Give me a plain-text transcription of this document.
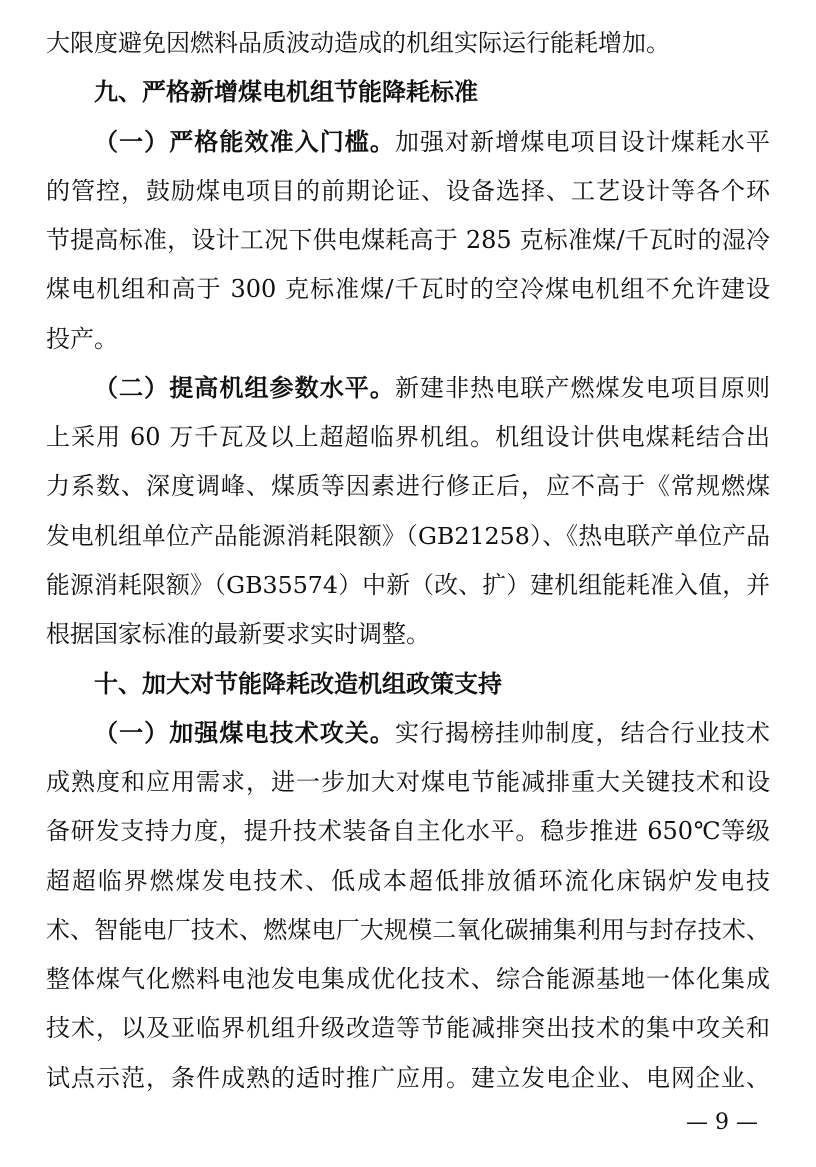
大限度避免因燃料品质波动造成的机组实际运行能耗增加。
九、严格新增煤电机组节能降耗标准
（一）严格能效准入门槛。加强对新增煤电项目设计煤耗水平
的管控，鼓励煤电项目的前期论证、设备选择、工艺设计等各个环
节提高标准，设计工况下供电煤耗高于 285 克标准煤/千瓦时的湿冷
煤电机组和高于 300 克标准煤/千瓦时的空冷煤电机组不允许建设
投产。
（二）提高机组参数水平。新建非热电联产燃煤发电项目原则
上采用 60 万千瓦及以上超超临界机组。机组设计供电煤耗结合出
力系数、深度调峰、煤质等因素进行修正后，应不高于《常规燃煤
发电机组单位产品能源消耗限额》（GB21258）、《热电联产单位产品
能源消耗限额》（GB35574）中新（改、扩）建机组能耗准入值，并
根据国家标准的最新要求实时调整。
十、加大对节能降耗改造机组政策支持
（一）加强煤电技术攻关。实行揭榜挂帅制度，结合行业技术
成熟度和应用需求，进一步加大对煤电节能减排重大关键技术和设
备研发支持力度，提升技术装备自主化水平。稳步推进 650℃等级
超超临界燃煤发电技术、低成本超低排放循环流化床锅炉发电技
术、智能电厂技术、燃煤电厂大规模二氧化碳捕集利用与封存技术、
整体煤气化燃料电池发电集成优化技术、综合能源基地一体化集成
技术，以及亚临界机组升级改造等节能减排突出技术的集中攻关和
试点示范，条件成熟的适时推广应用。建立发电企业、电网企业、
— 9 —
